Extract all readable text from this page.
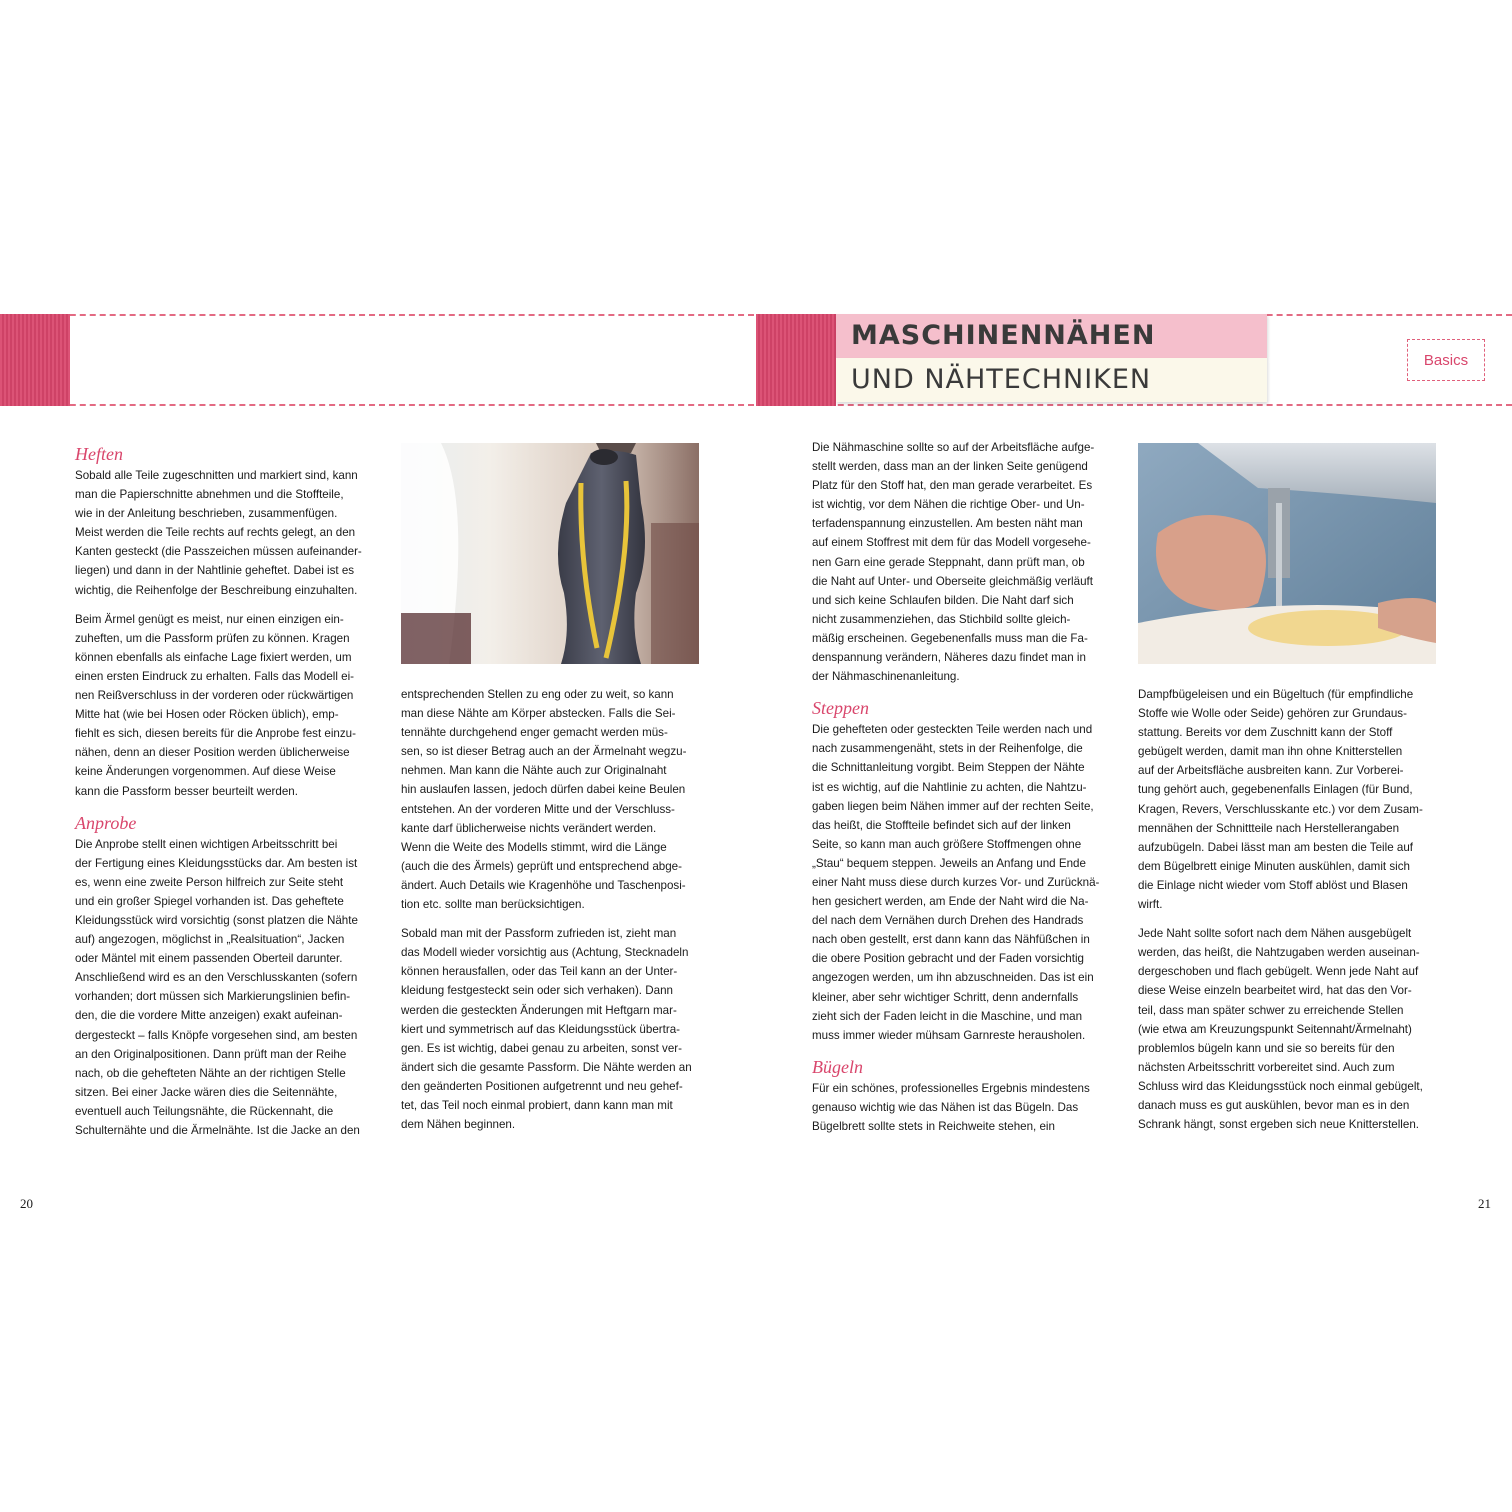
MASCHINENNÄHEN
UND NÄHTECHNIKEN
Basics
Heften

Sobald alle Teile zugeschnitten und markiert sind, kann
man die Papierschnitte abnehmen und die Stoffteile,
wie in der Anleitung beschrieben, zusammenfügen.
Meist werden die Teile rechts auf rechts gelegt, an den
Kanten gesteckt (die Passzeichen müssen aufeinander-
liegen) und dann in der Nahtlinie geheftet. Dabei ist es
wichtig, die Reihenfolge der Beschreibung einzuhalten.

Beim Ärmel genügt es meist, nur einen einzigen ein-
zuheften, um die Passform prüfen zu können. Kragen
können ebenfalls als einfache Lage fixiert werden, um
einen ersten Eindruck zu erhalten. Falls das Modell ei-
nen Reißverschluss in der vorderen oder rückwärtigen
Mitte hat (wie bei Hosen oder Röcken üblich), emp-
fiehlt es sich, diesen bereits für die Anprobe fest einzu-
nähen, denn an dieser Position werden üblicherweise
keine Änderungen vorgenommen. Auf diese Weise
kann die Passform besser beurteilt werden.

Anprobe

Die Anprobe stellt einen wichtigen Arbeitsschritt bei
der Fertigung eines Kleidungsstücks dar. Am besten ist
es, wenn eine zweite Person hilfreich zur Seite steht
und ein großer Spiegel vorhanden ist. Das geheftete
Kleidungsstück wird vorsichtig (sonst platzen die Nähte
auf) angezogen, möglichst in „Realsituation“, Jacken
oder Mäntel mit einem passenden Oberteil darunter.
Anschließend wird es an den Verschlusskanten (sofern
vorhanden; dort müssen sich Markierungslinien befin-
den, die die vordere Mitte anzeigen) exakt aufeinan-
dergesteckt – falls Knöpfe vorgesehen sind, am besten
an den Originalpositionen. Dann prüft man der Reihe
nach, ob die gehefteten Nähte an der richtigen Stelle
sitzen. Bei einer Jacke wären dies die Seitennähte,
eventuell auch Teilungsnähte, die Rückennaht, die
Schulternähte und die Ärmelnähte. Ist die Jacke an den

entsprechenden Stellen zu eng oder zu weit, so kann
man diese Nähte am Körper abstecken. Falls die Sei-
tennähte durchgehend enger gemacht werden müs-
sen, so ist dieser Betrag auch an der Ärmelnaht wegzu-
nehmen. Man kann die Nähte auch zur Originalnaht
hin auslaufen lassen, jedoch dürfen dabei keine Beulen
entstehen. An der vorderen Mitte und der Verschluss-
kante darf üblicherweise nichts verändert werden.
Wenn die Weite des Modells stimmt, wird die Länge
(auch die des Ärmels) geprüft und entsprechend abge-
ändert. Auch Details wie Kragenhöhe und Taschenposi-
tion etc. sollte man berücksichtigen.

Sobald man mit der Passform zufrieden ist, zieht man
das Modell wieder vorsichtig aus (Achtung, Stecknadeln
können herausfallen, oder das Teil kann an der Unter-
kleidung festgesteckt sein oder sich verhaken). Dann
werden die gesteckten Änderungen mit Heftgarn mar-
kiert und symmetrisch auf das Kleidungsstück übertra-
gen. Es ist wichtig, dabei genau zu arbeiten, sonst ver-
ändert sich die gesamte Passform. Die Nähte werden an
den geänderten Positionen aufgetrennt und neu gehef-
tet, das Teil noch einmal probiert, dann kann man mit
dem Nähen beginnen.

Die Nähmaschine sollte so auf der Arbeitsfläche aufge-
stellt werden, dass man an der linken Seite genügend
Platz für den Stoff hat, den man gerade verarbeitet. Es
ist wichtig, vor dem Nähen die richtige Ober- und Un-
terfadenspannung einzustellen. Am besten näht man
auf einem Stoffrest mit dem für das Modell vorgesehe-
nen Garn eine gerade Steppnaht, dann prüft man, ob
die Naht auf Unter- und Oberseite gleichmäßig verläuft
und sich keine Schlaufen bilden. Die Naht darf sich
nicht zusammenziehen, das Stichbild sollte gleich-
mäßig erscheinen. Gegebenenfalls muss man die Fa-
denspannung verändern, Näheres dazu findet man in
der Nähmaschinenanleitung.

Steppen

Die gehefteten oder gesteckten Teile werden nach und
nach zusammengenäht, stets in der Reihenfolge, die
die Schnittanleitung vorgibt. Beim Steppen der Nähte
ist es wichtig, auf die Nahtlinie zu achten, die Nahtzu-
gaben liegen beim Nähen immer auf der rechten Seite,
das heißt, die Stoffteile befindet sich auf der linken
Seite, so kann man auch größere Stoffmengen ohne
„Stau“ bequem steppen. Jeweils an Anfang und Ende
einer Naht muss diese durch kurzes Vor- und Zurücknä-
hen gesichert werden, am Ende der Naht wird die Na-
del nach dem Vernähen durch Drehen des Handrads
nach oben gestellt, erst dann kann das Nähfüßchen in
die obere Position gebracht und der Faden vorsichtig
angezogen werden, um ihn abzuschneiden. Das ist ein
kleiner, aber sehr wichtiger Schritt, denn andernfalls
zieht sich der Faden leicht in die Maschine, und man
muss immer wieder mühsam Garnreste herausholen.

Bügeln

Für ein schönes, professionelles Ergebnis mindestens
genauso wichtig wie das Nähen ist das Bügeln. Das
Bügelbrett sollte stets in Reichweite stehen, ein

Dampfbügeleisen und ein Bügeltuch (für empfindliche
Stoffe wie Wolle oder Seide) gehören zur Grundaus-
stattung. Bereits vor dem Zuschnitt kann der Stoff
gebügelt werden, damit man ihn ohne Knitterstellen
auf der Arbeitsfläche ausbreiten kann. Zur Vorberei-
tung gehört auch, gegebenenfalls Einlagen (für Bund,
Kragen, Revers, Verschlusskante etc.) vor dem Zusam-
mennähen der Schnittteile nach Herstellerangaben
aufzubügeln. Dabei lässt man am besten die Teile auf
dem Bügelbrett einige Minuten auskühlen, damit sich
die Einlage nicht wieder vom Stoff ablöst und Blasen
wirft.

Jede Naht sollte sofort nach dem Nähen ausgebügelt
werden, das heißt, die Nahtzugaben werden auseinan-
dergeschoben und flach gebügelt. Wenn jede Naht auf
diese Weise einzeln bearbeitet wird, hat das den Vor-
teil, dass man später schwer zu erreichende Stellen
(wie etwa am Kreuzungspunkt Seitennaht/Ärmelnaht)
problemlos bügeln kann und sie so bereits für den
nächsten Arbeitsschritt vorbereitet sind. Auch zum
Schluss wird das Kleidungsstück noch einmal gebügelt,
danach muss es gut auskühlen, bevor man es in den
Schrank hängt, sonst ergeben sich neue Knitterstellen.

20	21
